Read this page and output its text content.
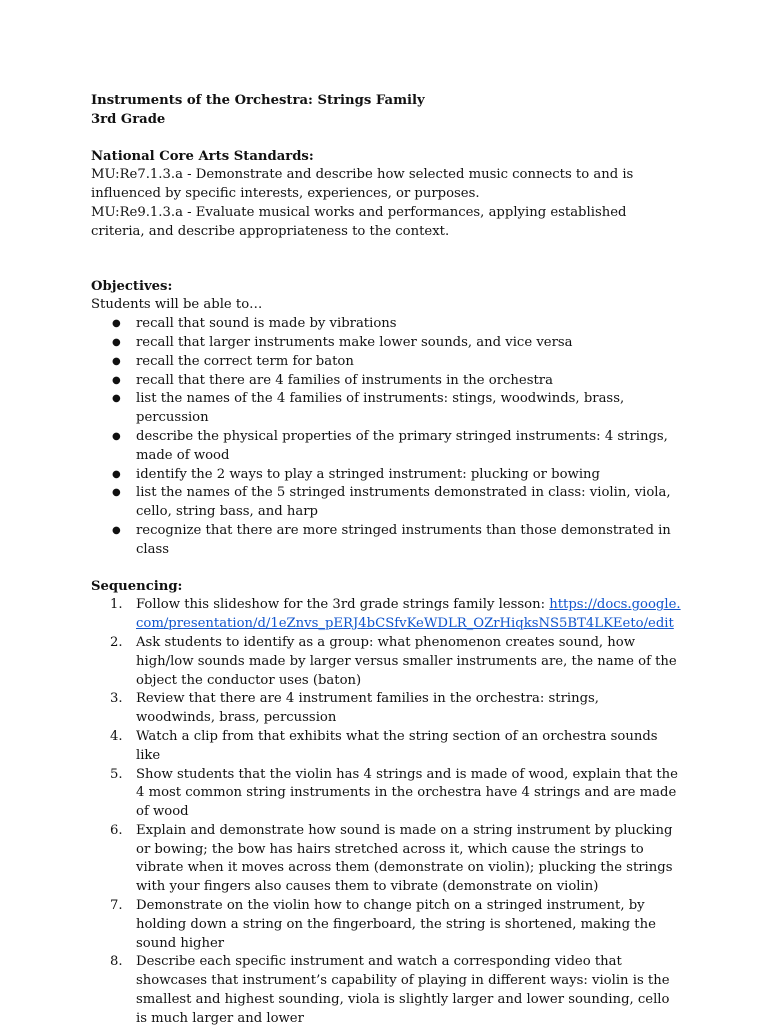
Instruments of the Orchestra: Strings Family
3rd Grade
National Core Arts Standards:
MU:Re7.1.3.a - Demonstrate and describe how selected music connects to and is influenced by specific interests, experiences, or purposes.
MU:Re9.1.3.a - Evaluate musical works and performances, applying established criteria, and describe appropriateness to the context.
Objectives:
Students will be able to…
● recall that sound is made by vibrations
● recall that larger instruments make lower sounds, and vice versa
● recall the correct term for baton
● recall that there are 4 families of instruments in the orchestra
● list the names of the 4 families of instruments: stings, woodwinds, brass, percussion
● describe the physical properties of the primary stringed instruments: 4 strings, made of wood
● identify the 2 ways to play a stringed instrument: plucking or bowing
● list the names of the 5 stringed instruments demonstrated in class: violin, viola, cello, string bass, and harp
● recognize that there are more stringed instruments than those demonstrated in class
Sequencing:
1. Follow this slideshow for the 3rd grade strings family lesson: https://docs.google.com/presentation/d/1eZnvs_pERJ4bCSfvKeWDLR_OZrHiqksNS5BT4LKEeto/edit
2. Ask students to identify as a group: what phenomenon creates sound, how high/low sounds made by larger versus smaller instruments are, the name of the object the conductor uses (baton)
3. Review that there are 4 instrument families in the orchestra: strings, woodwinds, brass, percussion
4. Watch a clip from that exhibits what the string section of an orchestra sounds like
5. Show students that the violin has 4 strings and is made of wood, explain that the 4 most common string instruments in the orchestra have 4 strings and are made of wood
6. Explain and demonstrate how sound is made on a string instrument by plucking or bowing; the bow has hairs stretched across it, which cause the strings to vibrate when it moves across them (demonstrate on violin); plucking the strings with your fingers also causes them to vibrate (demonstrate on violin)
7. Demonstrate on the violin how to change pitch on a stringed instrument, by holding down a string on the fingerboard, the string is shortened, making the sound higher
8. Describe each specific instrument and watch a corresponding video that showcases that instrument’s capability of playing in different ways: violin is the smallest and highest sounding, viola is slightly larger and lower sounding, cello is much larger and lower
